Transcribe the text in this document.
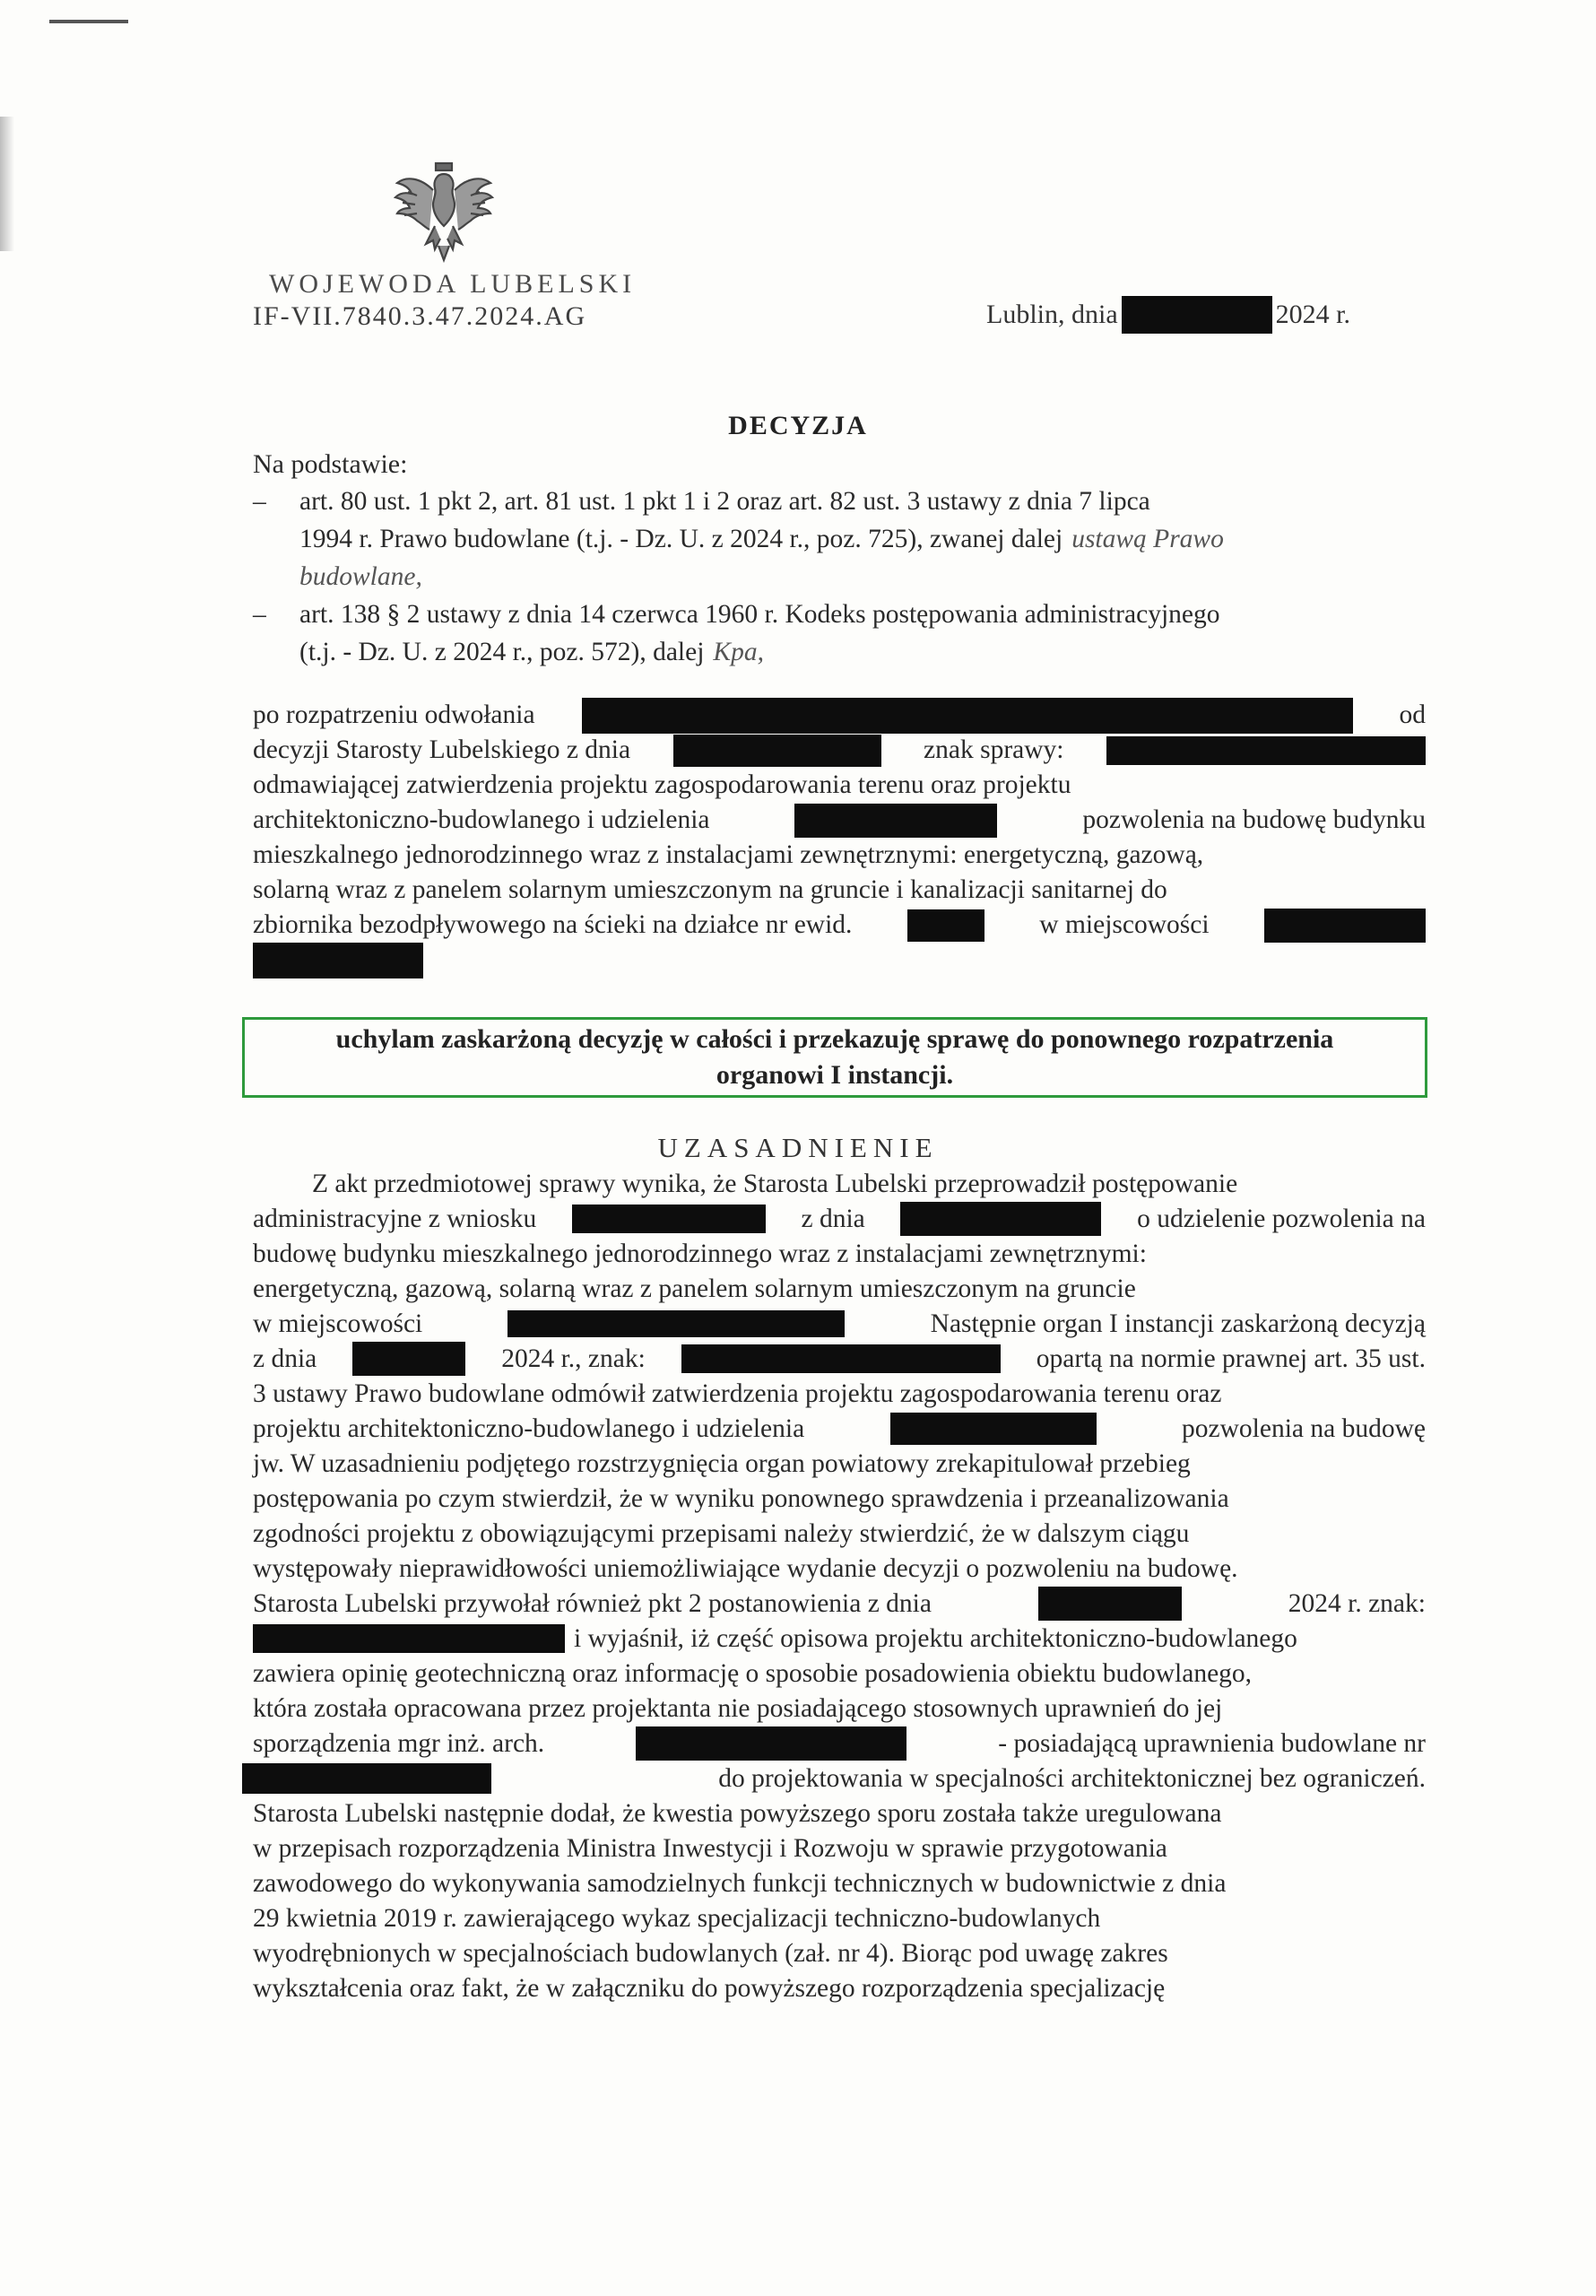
WOJEWODA LUBELSKI
IF-VII.7840.3.47.2024.AG	Lublin, dnia	2024 r.
DECYZJA
Na podstawie:
– art. 80 ust. 1 pkt 2, art. 81 ust. 1 pkt 1 i 2 oraz art. 82 ust. 3 ustawy z dnia 7 lipca
1994 r. Prawo budowlane (t.j. - Dz. U. z 2024 r., poz. 725), zwanej dalej ustawą Prawo
budowlane,
– art. 138 § 2 ustawy z dnia 14 czerwca 1960 r. Kodeks postępowania administracyjnego
(t.j. - Dz. U. z 2024 r., poz. 572), dalej Kpa,
po rozpatrzeniu odwołania	od
decyzji Starosty Lubelskiego z dnia	znak sprawy:
odmawiającej zatwierdzenia projektu zagospodarowania terenu oraz projektu
architektoniczno-budowlanego i udzielenia	pozwolenia na budowę budynku
mieszkalnego jednorodzinnego wraz z instalacjami zewnętrznymi: energetyczną, gazową,
solarną wraz z panelem solarnym umieszczonym na gruncie i kanalizacji sanitarnej do
zbiornika bezodpływowego na ścieki na działce nr ewid.	w miejscowości
uchylam zaskarżoną decyzję w całości i przekazuję sprawę do ponownego rozpatrzenia
organowi I instancji.
UZASADNIENIE
Z akt przedmiotowej sprawy wynika, że Starosta Lubelski przeprowadził postępowanie
administracyjne z wniosku	z dnia	o udzielenie pozwolenia na
budowę budynku mieszkalnego jednorodzinnego wraz z instalacjami zewnętrznymi:
energetyczną, gazową, solarną wraz z panelem solarnym umieszczonym na gruncie
w miejscowości	Następnie organ I instancji zaskarżoną decyzją
z dnia	2024 r., znak:	opartą na normie prawnej art. 35 ust.
3 ustawy Prawo budowlane odmówił zatwierdzenia projektu zagospodarowania terenu oraz
projektu architektoniczno-budowlanego i udzielenia	pozwolenia na budowę
jw. W uzasadnieniu podjętego rozstrzygnięcia organ powiatowy zrekapitulował przebieg
postępowania po czym stwierdził, że w wyniku ponownego sprawdzenia i przeanalizowania
zgodności projektu z obowiązującymi przepisami należy stwierdzić, że w dalszym ciągu
występowały nieprawidłowości uniemożliwiające wydanie decyzji o pozwoleniu na budowę.
Starosta Lubelski przywołał również pkt 2 postanowienia z dnia	2024 r. znak:
i wyjaśnił, iż część opisowa projektu architektoniczno-budowlanego
zawiera opinię geotechniczną oraz informację o sposobie posadowienia obiektu budowlanego,
która została opracowana przez projektanta nie posiadającego stosownych uprawnień do jej
sporządzenia mgr inż. arch.	- posiadającą uprawnienia budowlane nr
do projektowania w specjalności architektonicznej bez ograniczeń.
Starosta Lubelski następnie dodał, że kwestia powyższego sporu została także uregulowana
w przepisach rozporządzenia Ministra Inwestycji i Rozwoju w sprawie przygotowania
zawodowego do wykonywania samodzielnych funkcji technicznych w budownictwie z dnia
29 kwietnia 2019 r. zawierającego wykaz specjalizacji techniczno-budowlanych
wyodrębnionych w specjalnościach budowlanych (zał. nr 4). Biorąc pod uwagę zakres
wykształcenia oraz fakt, że w załączniku do powyższego rozporządzenia specjalizację
